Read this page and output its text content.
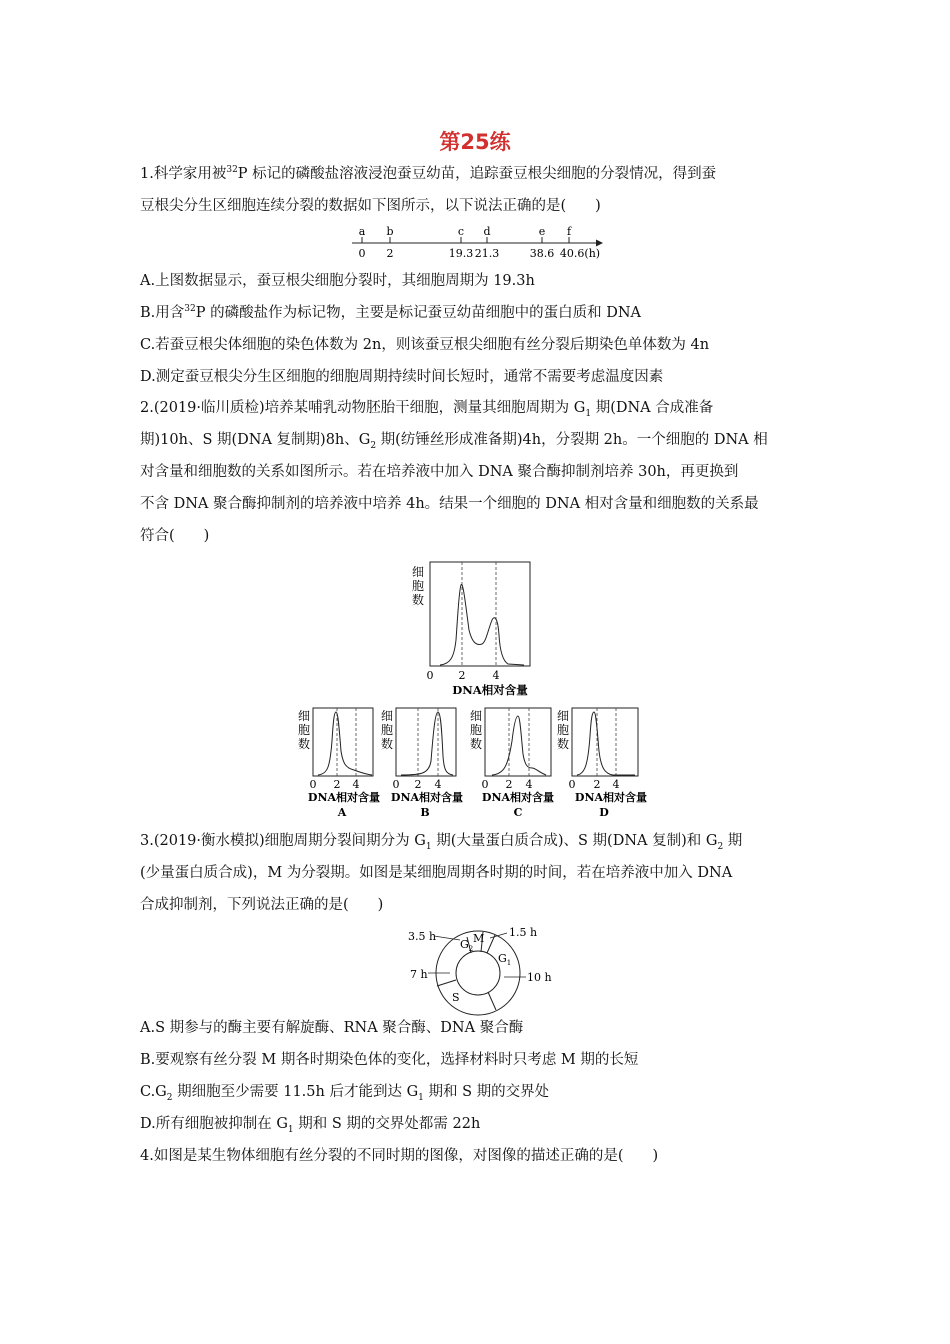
第25练
1.科学家用被$^{32}$P 标记的磷酸盐溶液浸泡蚕豆幼苗，追踪蚕豆根尖细胞的分裂情况，得到蚕
豆根尖分生区细胞连续分裂的数据如下图所示，以下说法正确的是(　　)
a b	c d	e f
0 2	19.3 21.3	38.6 40.6(h)
A.上图数据显示，蚕豆根尖细胞分裂时，其细胞周期为 19.3h
B.用含$^{32}$P 的磷酸盐作为标记物，主要是标记蚕豆幼苗细胞中的蛋白质和 DNA
C.若蚕豆根尖体细胞的染色体数为 2n，则该蚕豆根尖细胞有丝分裂后期染色单体数为 4n
D.测定蚕豆根尖分生区细胞的细胞周期持续时间长短时，通常不需要考虑温度因素
2.(2019·临川质检)培养某哺乳动物胚胎干细胞，测量其细胞周期为 $G_1$ 期(DNA 合成准备
期)10h、S 期(DNA 复制期)8h、$G_2$ 期(纺锤丝形成准备期)4h，分裂期 2h。一个细胞的 DNA 相
对含量和细胞数的关系如图所示。若在培养液中加入 DNA 聚合酶抑制剂培养 30h，再更换到
不含 DNA 聚合酶抑制剂的培养液中培养 4h。结果一个细胞的 DNA 相对含量和细胞数的关系最
符合(　　)
细
胞
数
0 2 4
DNA相对含量
细
胞
数
0 2 4
DNA相对含量
A
细
胞
数
0 2 4
DNA相对含量
B
细
胞
数
0 2 4
DNA相对含量
C
细
胞
数
0 2 4
DNA相对含量
D
3.(2019·衡水模拟)细胞周期分裂间期分为 $G_1$ 期(大量蛋白质合成)、S 期(DNA 复制)和 $G_2$ 期
(少量蛋白质合成)，M 为分裂期。如图是某细胞周期各时期的时间，若在培养液中加入 DNA
合成抑制剂，下列说法正确的是(　　)
3.5 h	1.5 h
7 h	10 h
$G_2$
M
$G_1$
S
A.S 期参与的酶主要有解旋酶、RNA 聚合酶、DNA 聚合酶
B.要观察有丝分裂 M 期各时期染色体的变化，选择材料时只考虑 M 期的长短
$C.G_2$ 期细胞至少需要 11.5h 后才能到达 $G_1$ 期和 S 期的交界处
D.所有细胞被抑制在 $G_1$ 期和 S 期的交界处都需 22h
4.如图是某生物体细胞有丝分裂的不同时期的图像，对图像的描述正确的是(　　)
